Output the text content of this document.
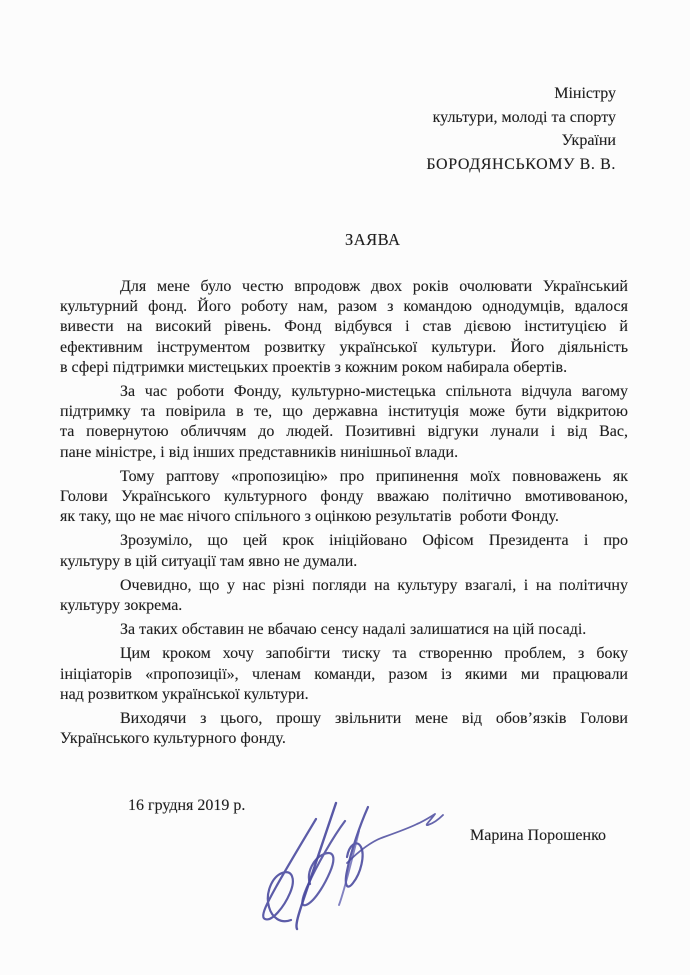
Міністру
культури, молоді та спорту
України
БОРОДЯНСЬКОМУ В. В.
ЗАЯВА
Для мене було честю впродовж двох років очолювати Український
культурний фонд. Його роботу нам, разом з командою однодумців, вдалося
вивести на високий рівень. Фонд відбувся і став дієвою інституцією й
ефективним інструментом розвитку української культури. Його діяльність
в сфері підтримки мистецьких проектів з кожним роком набирала обертів.
За час роботи Фонду, культурно-мистецька спільнота відчула вагому
підтримку та повірила в те, що державна інституція може бути відкритою
та повернутою обличчям до людей. Позитивні відгуки лунали і від Вас,
пане міністре, і від інших представників нинішньої влади.
Тому раптову «пропозицію» про припинення моїх повноважень як
Голови Українського культурного фонду вважаю політично вмотивованою,
як таку, що не має нічого спільного з оцінкою результатів  роботи Фонду.
Зрозуміло, що цей крок ініційовано Офісом Президента і про
культуру в цій ситуації там явно не думали.
Очевидно, що у нас різні погляди на культуру взагалі, і на політичну
культуру зокрема.
За таких обставин не вбачаю сенсу надалі залишатися на цій посаді.
Цим кроком хочу запобігти тиску та створенню проблем, з боку
ініціаторів «пропозиції», членам команди, разом із якими ми працювали
над розвитком української культури.
Виходячи з цього, прошу звільнити мене від обов’язків Голови
Українського культурного фонду.
16 грудня 2019 р.
Марина Порошенко
